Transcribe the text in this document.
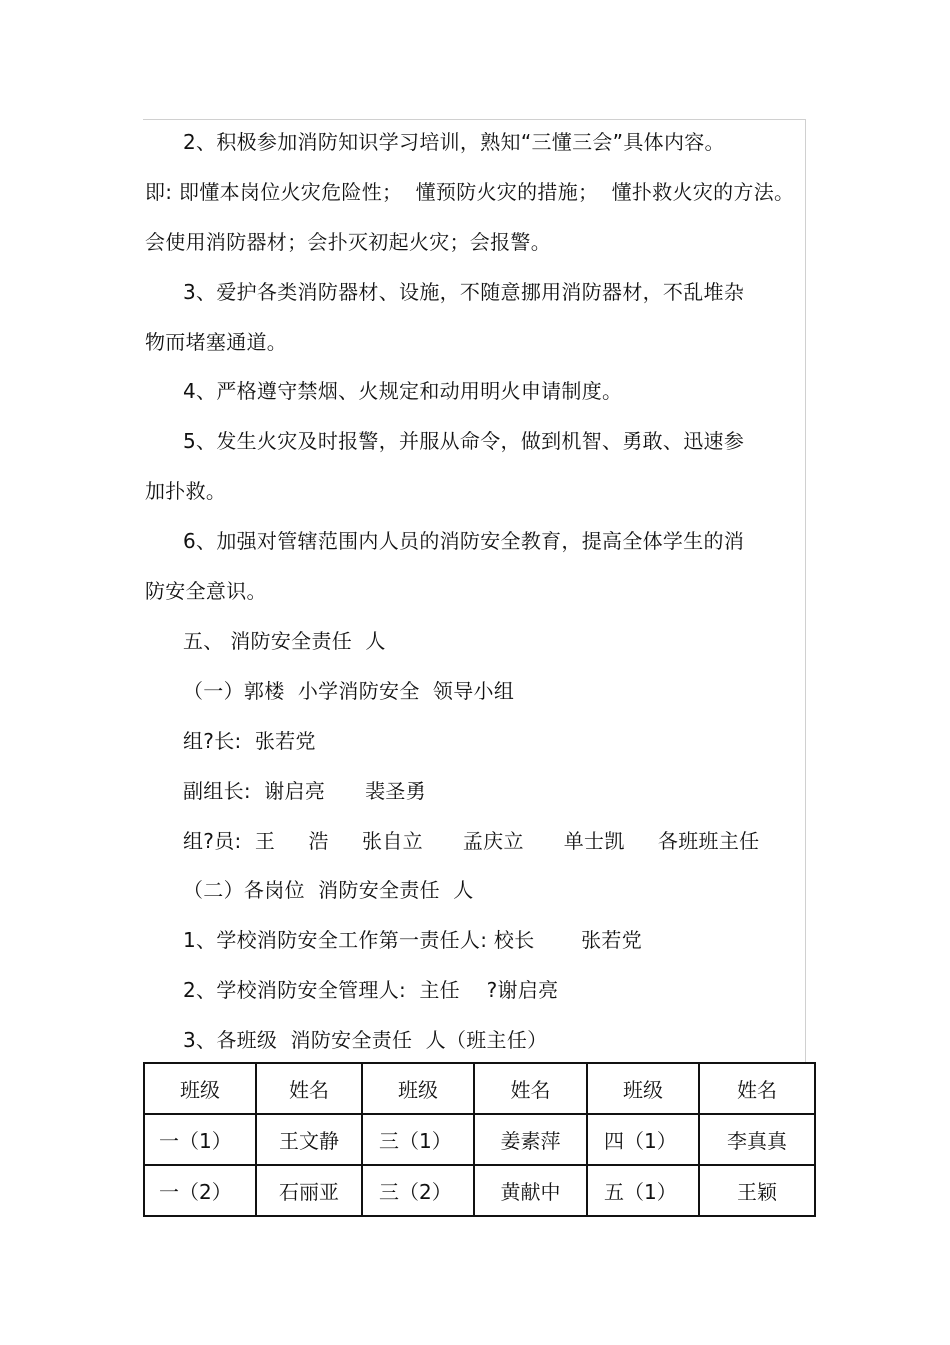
2、积极参加消防知识学习培训，熟知“三懂三会”具体内容。
即: 即懂本岗位火灾危险性；  懂预防火灾的措施；  懂扑救火灾的方法。
会使用消防器材；会扑灭初起火灾；会报警。
3、爱护各类消防器材、设施，不随意挪用消防器材，不乱堆杂
物而堵塞通道。
4、严格遵守禁烟、火规定和动用明火申请制度。
5、发生火灾及时报警，并服从命令，做到机智、勇敢、迅速参
加扑救。
6、加强对管辖范围内人员的消防安全教育，提高全体学生的消
防安全意识。
五、 消防安全责任  人
（一）郭楼  小学消防安全  领导小组
组?长:  张若党
副组长:  谢启亮      裴圣勇
组?员:  王     浩     张自立      孟庆立      单士凯     各班班主任
（二）各岗位  消防安全责任  人
1、学校消防安全工作第一责任人: 校长       张若党
2、学校消防安全管理人:  主任    ?谢启亮
3、各班级  消防安全责任  人（班主任）
班级	姓名	班级	姓名	班级	姓名
一（1）	王文静	三（1）	姜素萍	四（1）	李真真
一（2）	石丽亚	三（2）	黄献中	五（1）	王颖
